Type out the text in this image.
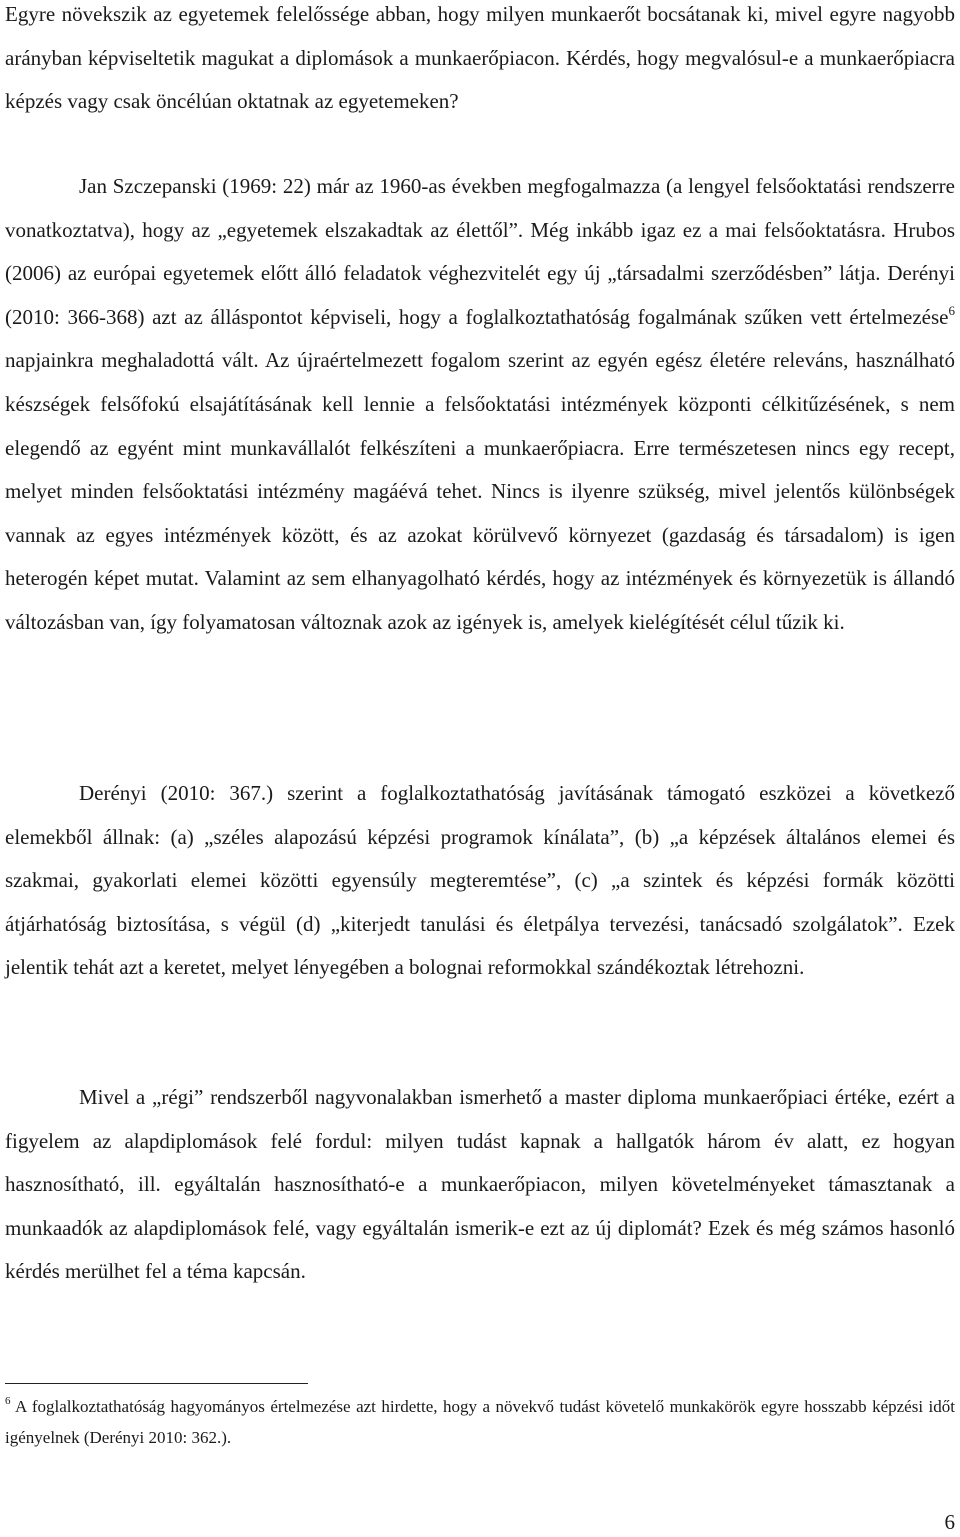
Egyre növekszik az egyetemek felelőssége abban, hogy milyen munkaerőt bocsátanak ki, mivel egyre nagyobb arányban képviseltetik magukat a diplomások a munkaerőpiacon. Kérdés, hogy megvalósul-e a munkaerőpiacra képzés vagy csak öncélúan oktatnak az egyetemeken?

Jan Szczepanski (1969: 22) már az 1960-as években megfogalmazza (a lengyel felsőoktatási rendszerre vonatkoztatva), hogy az „egyetemek elszakadtak az élettől”. Még inkább igaz ez a mai felsőoktatásra. Hrubos (2006) az európai egyetemek előtt álló feladatok véghezvitelét egy új „társadalmi szerződésben” látja. Derényi (2010: 366-368) azt az álláspontot képviseli, hogy a foglalkoztathatóság fogalmának szűken vett értelmezése$^6$ napjainkra meghaladottá vált. Az újraértelmezett fogalom szerint az egyén egész életére releváns, használható készségek felsőfokú elsajátításának kell lennie a felsőoktatási intézmények központi célkitűzésének, s nem elegendő az egyént mint munkavállalót felkészíteni a munkaerőpiacra. Erre természetesen nincs egy recept, melyet minden felsőoktatási intézmény magáévá tehet. Nincs is ilyenre szükség, mivel jelentős különbségek vannak az egyes intézmények között, és az azokat körülvevő környezet (gazdaság és társadalom) is igen heterogén képet mutat. Valamint az sem elhanyagolható kérdés, hogy az intézmények és környezetük is állandó változásban van, így folyamatosan változnak azok az igények is, amelyek kielégítését célul tűzik ki.

Derényi (2010: 367.) szerint a foglalkoztathatóság javításának támogató eszközei a következő elemekből állnak: (a) „széles alapozású képzési programok kínálata”, (b) „a képzések általános elemei és szakmai, gyakorlati elemei közötti egyensúly megteremtése”, (c) „a szintek és képzési formák közötti átjárhatóság biztosítása, s végül (d) „kiterjedt tanulási és életpálya tervezési, tanácsadó szolgálatok”. Ezek jelentik tehát azt a keretet, melyet lényegében a bolognai reformokkal szándékoztak létrehozni.

Mivel a „régi” rendszerből nagyvonalakban ismerhető a master diploma munkaerőpiaci értéke, ezért a figyelem az alapdiplomások felé fordul: milyen tudást kapnak a hallgatók három év alatt, ez hogyan hasznosítható, ill. egyáltalán hasznosítható-e a munkaerőpiacon, milyen követelményeket támasztanak a munkaadók az alapdiplomások felé, vagy egyáltalán ismerik-e ezt az új diplomát? Ezek és még számos hasonló kérdés merülhet fel a téma kapcsán.

$^6$ A foglalkoztathatóság hagyományos értelmezése azt hirdette, hogy a növekvő tudást követelő munkakörök egyre hosszabb képzési időt igényelnek (Derényi 2010: 362.).

6
